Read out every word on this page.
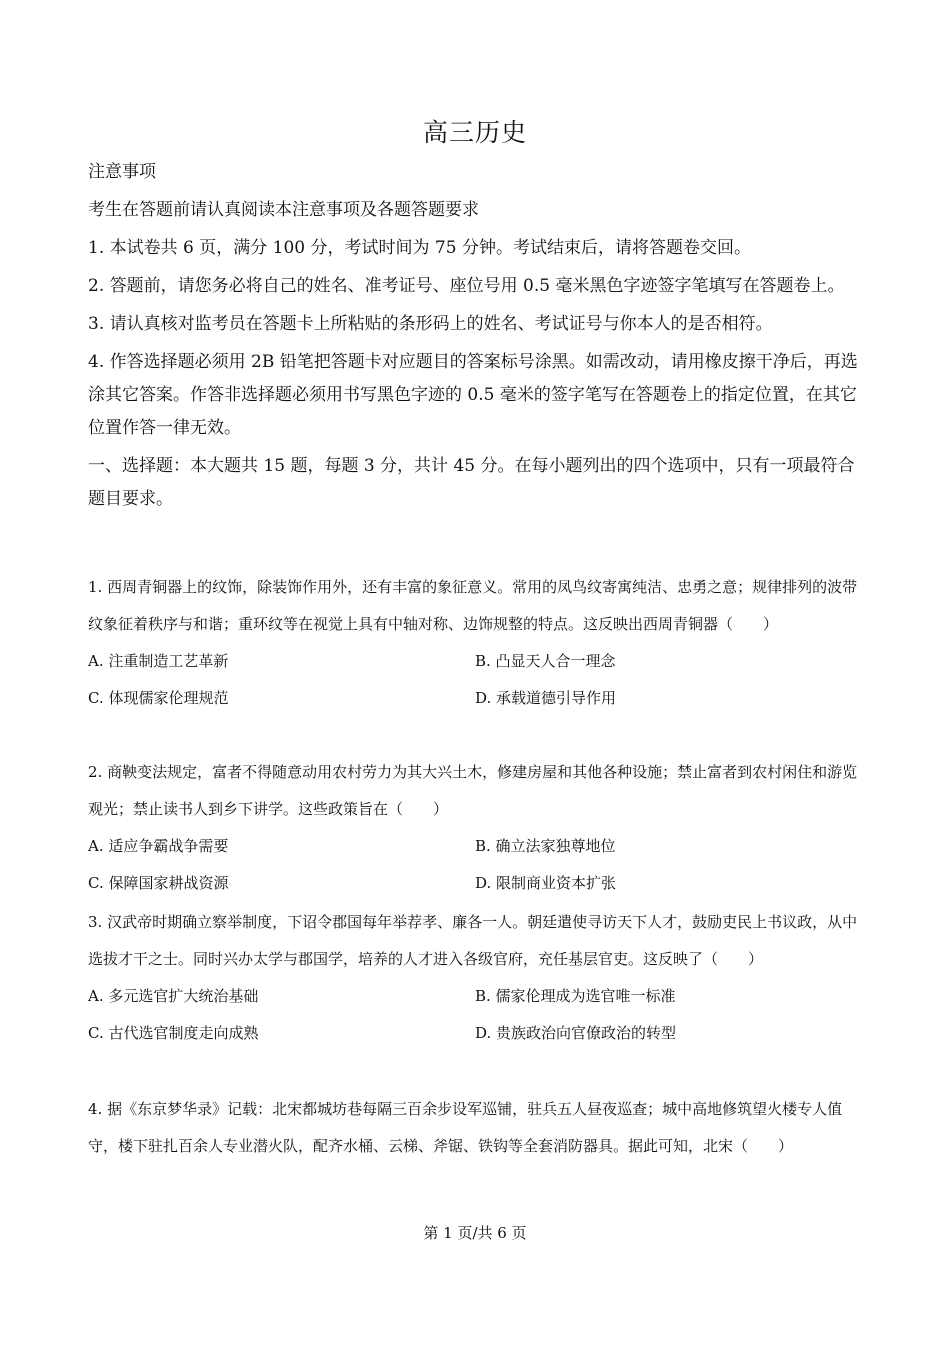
高三历史

注意事项

考生在答题前请认真阅读本注意事项及各题答题要求

1. 本试卷共 6 页，满分 100 分，考试时间为 75 分钟。考试结束后，请将答题卷交回。

2. 答题前，请您务必将自己的姓名、准考证号、座位号用 0.5 毫米黑色字迹签字笔填写在答题卷上。

3. 请认真核对监考员在答题卡上所粘贴的条形码上的姓名、考试证号与你本人的是否相符。

4. 作答选择题必须用 2B 铅笔把答题卡对应题目的答案标号涂黑。如需改动，请用橡皮擦干净后，再选涂其它答案。作答非选择题必须用书写黑色字迹的 0.5 毫米的签字笔写在答题卷上的指定位置，在其它位置作答一律无效。

一、选择题：本大题共 15 题，每题 3 分，共计 45 分。在每小题列出的四个选项中，只有一项最符合题目要求。

1. 西周青铜器上的纹饰，除装饰作用外，还有丰富的象征意义。常用的凤鸟纹寄寓纯洁、忠勇之意；规律排列的波带纹象征着秩序与和谐；重环纹等在视觉上具有中轴对称、边饰规整的特点。这反映出西周青铜器（　　）

A. 注重制造工艺革新	B. 凸显天人合一理念
C. 体现儒家伦理规范	D. 承载道德引导作用

2. 商鞅变法规定，富者不得随意动用农村劳力为其大兴土木，修建房屋和其他各种设施；禁止富者到农村闲住和游览观光；禁止读书人到乡下讲学。这些政策旨在（　　）

A. 适应争霸战争需要	B. 确立法家独尊地位
C. 保障国家耕战资源	D. 限制商业资本扩张

3. 汉武帝时期确立察举制度，下诏令郡国每年举荐孝、廉各一人。朝廷遣使寻访天下人才，鼓励吏民上书议政，从中选拔才干之士。同时兴办太学与郡国学，培养的人才进入各级官府，充任基层官吏。这反映了（　　）

A. 多元选官扩大统治基础	B. 儒家伦理成为选官唯一标准
C. 古代选官制度走向成熟	D. 贵族政治向官僚政治的转型

4. 据《东京梦华录》记载：北宋都城坊巷每隔三百余步设军巡铺，驻兵五人昼夜巡查；城中高地修筑望火楼专人值守，楼下驻扎百余人专业潜火队，配齐水桶、云梯、斧锯、铁钩等全套消防器具。据此可知，北宋（　　）

第 1 页/共 6 页
